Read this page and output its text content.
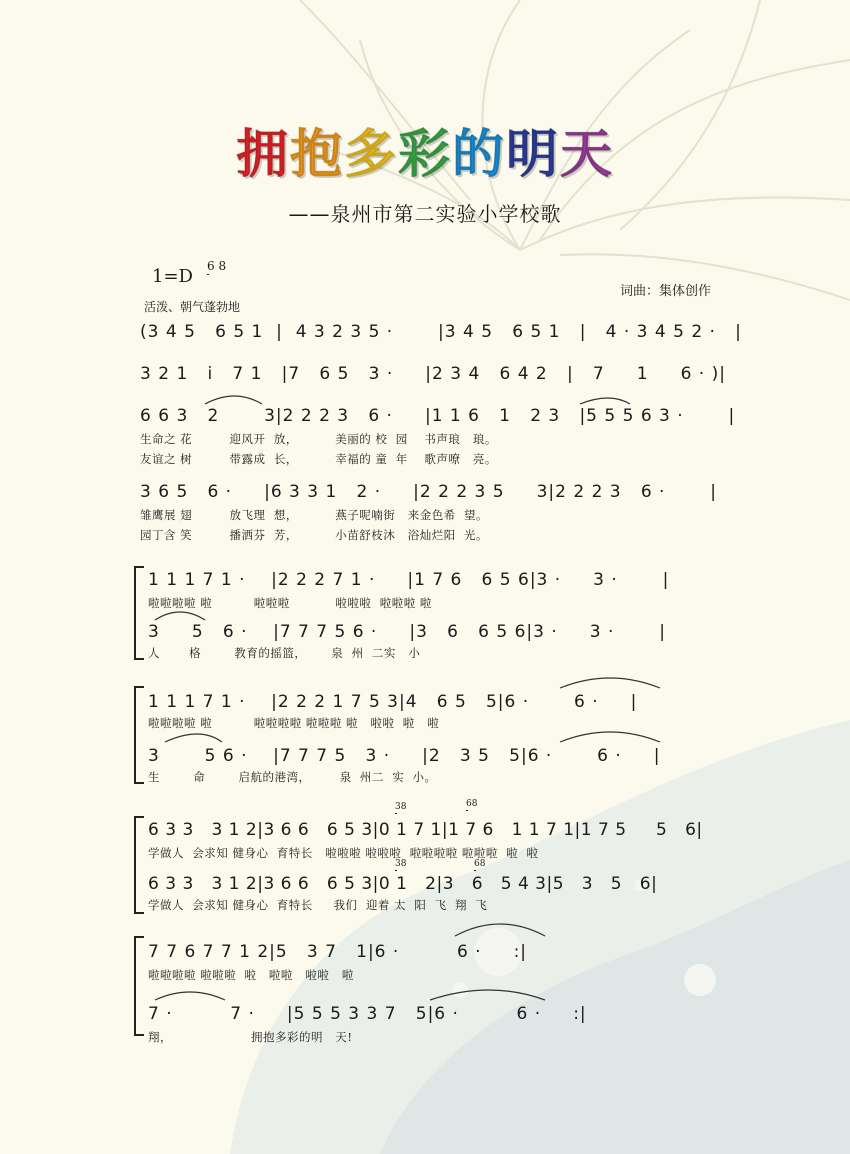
拥抱多彩的明天
——泉州市第二实验小学校歌
1=D 6 8
活泼、朝气蓬勃地
词曲：集体创作
(3 4 5   6 5 1  |  4 3 2 3 5 ·       |3 4 5   6 5 1   |   4 · 3 4 5 2 ·   |
3 2 1   i   7 1   |7   6 5   3 ·     |2 3 4   6 4 2   |   7     1     6 · )|
6 6 3   2       3|2 2 2 3   6 ·     |1 1 6   1   2 3   |5 5 5 6 3 ·       |
生命之 花         迎风开  放，         美丽的 校  园    书声琅   琅。
友谊之 树         带露成  长，         幸福的 童  年    歌声嘹   亮。
3 6 5   6 ·     |6 3 3 1   2 ·     |2 2 2 3 5     3|2 2 2 3   6 ·       |
雏鹰展 翅         放飞理  想，         燕子呢喃街   来金色希  望。
园丁含 笑         播洒芬  芳，         小苗舒枝沐   浴灿烂阳  光。
1 1 1 7 1 ·    |2 2 2 7 1 ·     |1 7 6   6 5 6|3 ·     3 ·       |
啦啦啦啦 啦          啦啦啦           啦啦啦  啦啦啦 啦
3     5   6 ·    |7 7 7 5 6 ·     |3   6   6 5 6|3 ·     3 ·       |
人       格        教育的摇篮，      泉  州  二实   小
1 1 1 7 1 ·    |2 2 2 1 7 5 3|4   6 5   5|6 ·       6 ·     |
啦啦啦啦 啦          啦啦啦啦 啦啦啦 啦   啦啦  啦   啦
3       5 6 ·    |7 7 7 5   3 ·     |2   3 5   5|6 ·       6 ·     |
生        命        启航的港湾，       泉  州二  实  小。
6 3 3   3 1 2|3 6 6   6 5 3|0 1 7 1|1 7 6   1 1 7 1|1 7 5     5   6|
学做人  会求知 健身心  育特长   啦啦啦 啦啦啦  啦啦啦啦 啦啦啦  啦  啦
6 3 3   3 1 2|3 6 6   6 5 3|0 1   2|3   6   5 4 3|5   3   5   6|
学做人  会求知 健身心  育特长     我们  迎着 太  阳  飞  翔  飞
3
8	6
8
3
8	6
8
7 7 6 7 7 1 2|5   3 7   1|6 ·         6 ·     :|
啦啦啦啦 啦啦啦  啦   啦啦   啦啦   啦
7 ·         7 ·     |5 5 5 3 3 7   5|6 ·         6 ·     :|
翔，                   拥抱多彩的明   天!
